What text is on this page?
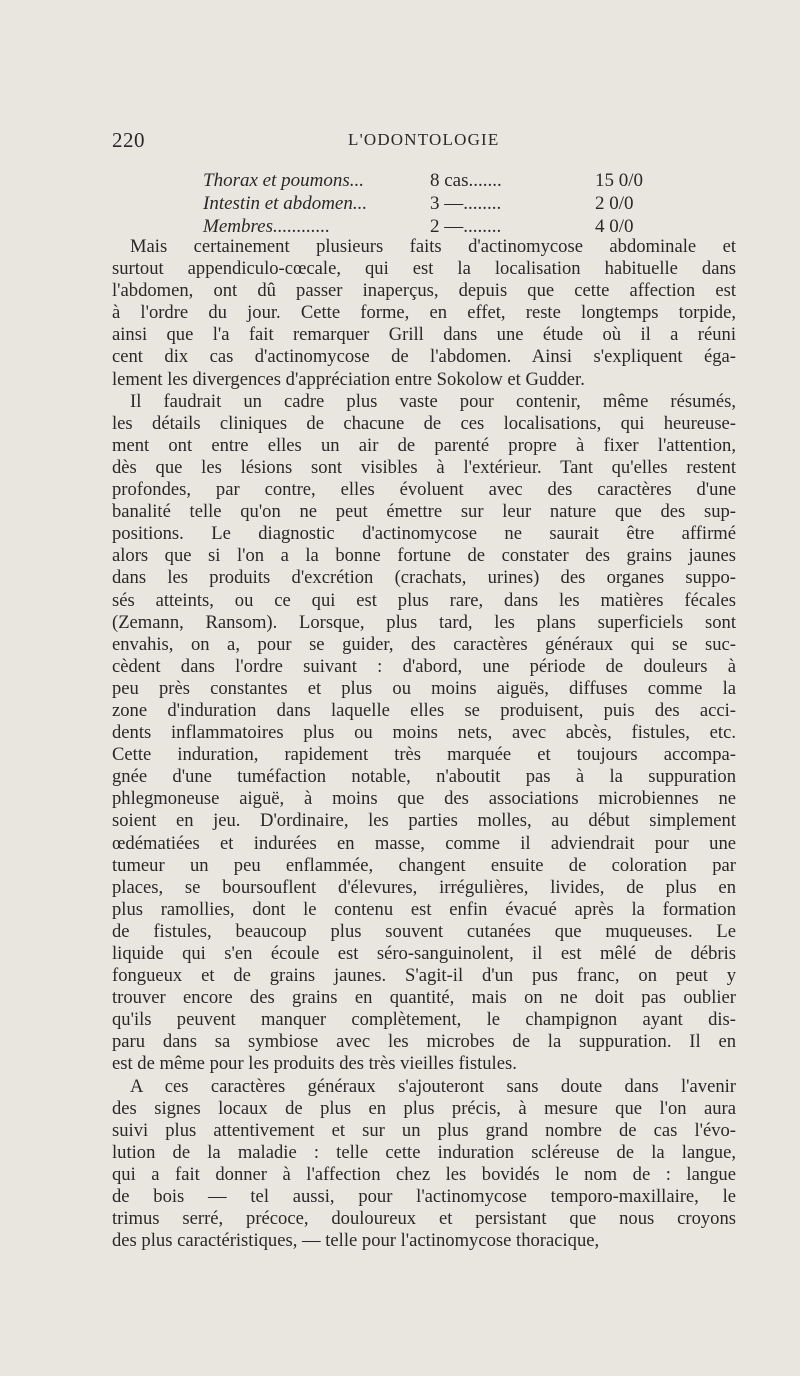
220	L'ODONTOLOGIE
Thorax et poumons...	8 cas.......	15 0/0
Intestin et abdomen...	3 —........	2 0/0
Membres............	2 —........	4 0/0
Mais certainement plusieurs faits d'actinomycose abdominale et
surtout appendiculo-cœcale, qui est la localisation habituelle dans
l'abdomen, ont dû passer inaperçus, depuis que cette affection est
à l'ordre du jour. Cette forme, en effet, reste longtemps torpide,
ainsi que l'a fait remarquer Grill dans une étude où il a réuni
cent dix cas d'actinomycose de l'abdomen. Ainsi s'expliquent éga-
lement les divergences d'appréciation entre Sokolow et Gudder.
Il faudrait un cadre plus vaste pour contenir, même résumés,
les détails cliniques de chacune de ces localisations, qui heureuse-
ment ont entre elles un air de parenté propre à fixer l'attention,
dès que les lésions sont visibles à l'extérieur. Tant qu'elles restent
profondes, par contre, elles évoluent avec des caractères d'une
banalité telle qu'on ne peut émettre sur leur nature que des sup-
positions. Le diagnostic d'actinomycose ne saurait être affirmé
alors que si l'on a la bonne fortune de constater des grains jaunes
dans les produits d'excrétion (crachats, urines) des organes suppo-
sés atteints, ou ce qui est plus rare, dans les matières fécales
(Zemann, Ransom). Lorsque, plus tard, les plans superficiels sont
envahis, on a, pour se guider, des caractères généraux qui se suc-
cèdent dans l'ordre suivant : d'abord, une période de douleurs à
peu près constantes et plus ou moins aiguës, diffuses comme la
zone d'induration dans laquelle elles se produisent, puis des acci-
dents inflammatoires plus ou moins nets, avec abcès, fistules, etc.
Cette induration, rapidement très marquée et toujours accompa-
gnée d'une tuméfaction notable, n'aboutit pas à la suppuration
phlegmoneuse aiguë, à moins que des associations microbiennes ne
soient en jeu. D'ordinaire, les parties molles, au début simplement
œdématiées et indurées en masse, comme il adviendrait pour une
tumeur un peu enflammée, changent ensuite de coloration par
places, se boursouflent d'élevures, irrégulières, livides, de plus en
plus ramollies, dont le contenu est enfin évacué après la formation
de fistules, beaucoup plus souvent cutanées que muqueuses. Le
liquide qui s'en écoule est séro-sanguinolent, il est mêlé de débris
fongueux et de grains jaunes. S'agit-il d'un pus franc, on peut y
trouver encore des grains en quantité, mais on ne doit pas oublier
qu'ils peuvent manquer complètement, le champignon ayant dis-
paru dans sa symbiose avec les microbes de la suppuration. Il en
est de même pour les produits des très vieilles fistules.
A ces caractères généraux s'ajouteront sans doute dans l'avenir
des signes locaux de plus en plus précis, à mesure que l'on aura
suivi plus attentivement et sur un plus grand nombre de cas l'évo-
lution de la maladie : telle cette induration scléreuse de la langue,
qui a fait donner à l'affection chez les bovidés le nom de : langue
de bois — tel aussi, pour l'actinomycose temporo-maxillaire, le
trimus serré, précoce, douloureux et persistant que nous croyons
des plus caractéristiques, — telle pour l'actinomycose thoracique,
